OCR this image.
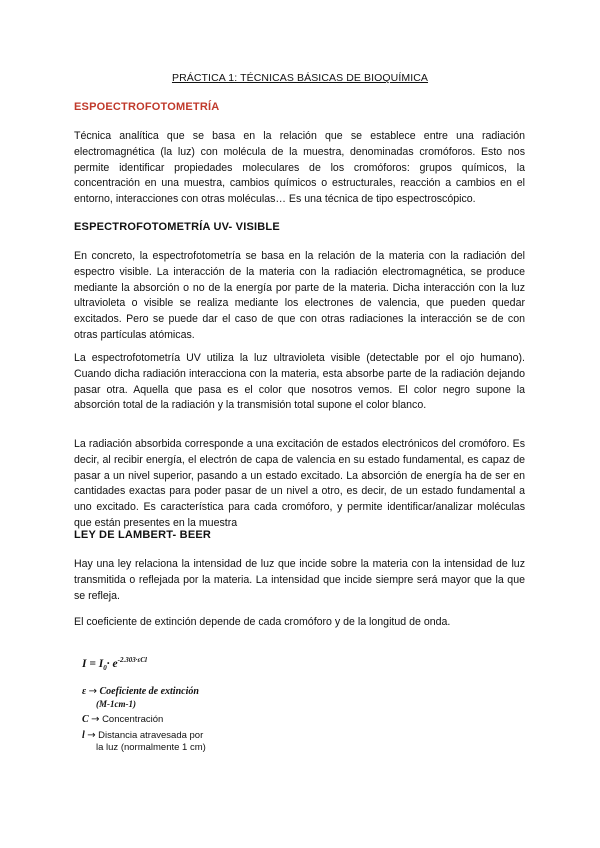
PRÁCTICA 1: TÉCNICAS BÁSICAS DE BIOQUÍMICA
ESPOECTROFOTOMETRÍA
Técnica analítica que se basa en la relación que se establece entre una radiación electromagnética (la luz) con molécula de la muestra, denominadas cromóforos. Esto nos permite identificar propiedades moleculares de los cromóforos: grupos químicos, la concentración en una muestra, cambios químicos o estructurales, reacción a cambios en el entorno, interacciones con otras moléculas… Es una técnica de tipo espectroscópico.
ESPECTROFOTOMETRÍA UV- VISIBLE
En concreto, la espectrofotometría se basa en la relación de la materia con la radiación del espectro visible. La interacción de la materia con la radiación electromagnética, se produce mediante la absorción o no de la energía por parte de la materia. Dicha interacción con la luz ultravioleta o visible se realiza mediante los electrones de valencia, que pueden quedar excitados. Pero se puede dar el caso de que con otras radiaciones la interacción se de con otras partículas atómicas.
La espectrofotometría UV utiliza la luz ultravioleta visible (detectable por el ojo humano). Cuando dicha radiación interacciona con la materia, esta absorbe parte de la radiación dejando pasar otra. Aquella que pasa es el color que nosotros vemos. El color negro supone la absorción total de la radiación y la transmisión total supone el color blanco.
La radiación absorbida corresponde a una excitación de estados electrónicos del cromóforo. Es decir, al recibir energía, el electrón de capa de valencia en su estado fundamental, es capaz de pasar a un nivel superior, pasando a un estado excitado. La absorción de energía ha de ser en cantidades exactas para poder pasar de un nivel a otro, es decir, de un estado fundamental a uno excitado. Es característica para cada cromóforo, y permite identificar/analizar moléculas que están presentes en la muestra
LEY DE LAMBERT- BEER
Hay una ley relaciona la intensidad de luz que incide sobre la materia con la intensidad de luz transmitida o reflejada por la materia. La intensidad que incide siempre será mayor que la que se refleja.
El coeficiente de extinción depende de cada cromóforo y de la longitud de onda.
$I = I_0\cdot e^{-2.303\cdot\varepsilon Cl}$
ε → Coeficiente de extinción
(M-1cm-1)
C → Concentración
l → Distancia atravesada por
la luz (normalmente 1 cm)
